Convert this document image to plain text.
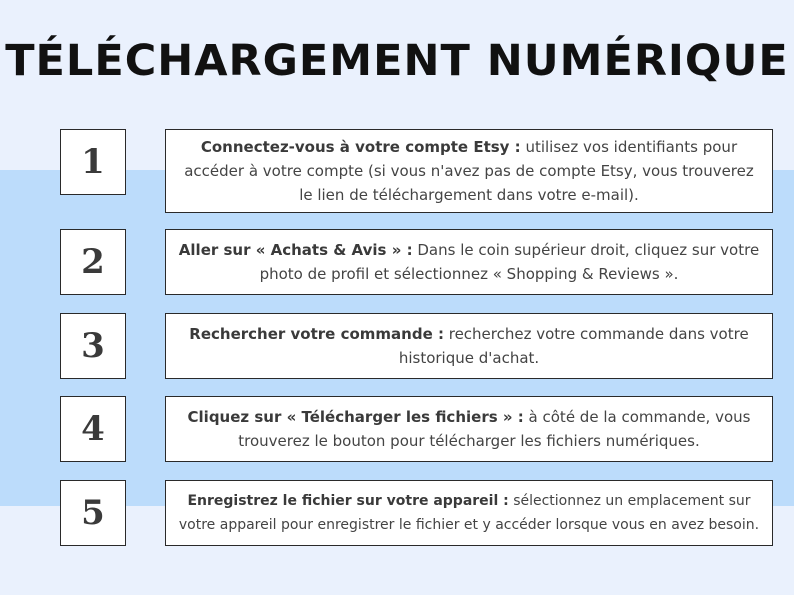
TÉLÉCHARGEMENT NUMÉRIQUE
1	Connectez-vous à votre compte Etsy : utilisez vos identifiants pour accéder à votre compte (si vous n'avez pas de compte Etsy, vous trouverez le lien de téléchargement dans votre e-mail).
2	Aller sur « Achats & Avis » : Dans le coin supérieur droit, cliquez sur votre photo de profil et sélectionnez « Shopping & Reviews ».
3	Rechercher votre commande : recherchez votre commande dans votre historique d'achat.
4	Cliquez sur « Télécharger les fichiers » : à côté de la commande, vous trouverez le bouton pour télécharger les fichiers numériques.
5	Enregistrez le fichier sur votre appareil : sélectionnez un emplacement sur votre appareil pour enregistrer le fichier et y accéder lorsque vous en avez besoin.
